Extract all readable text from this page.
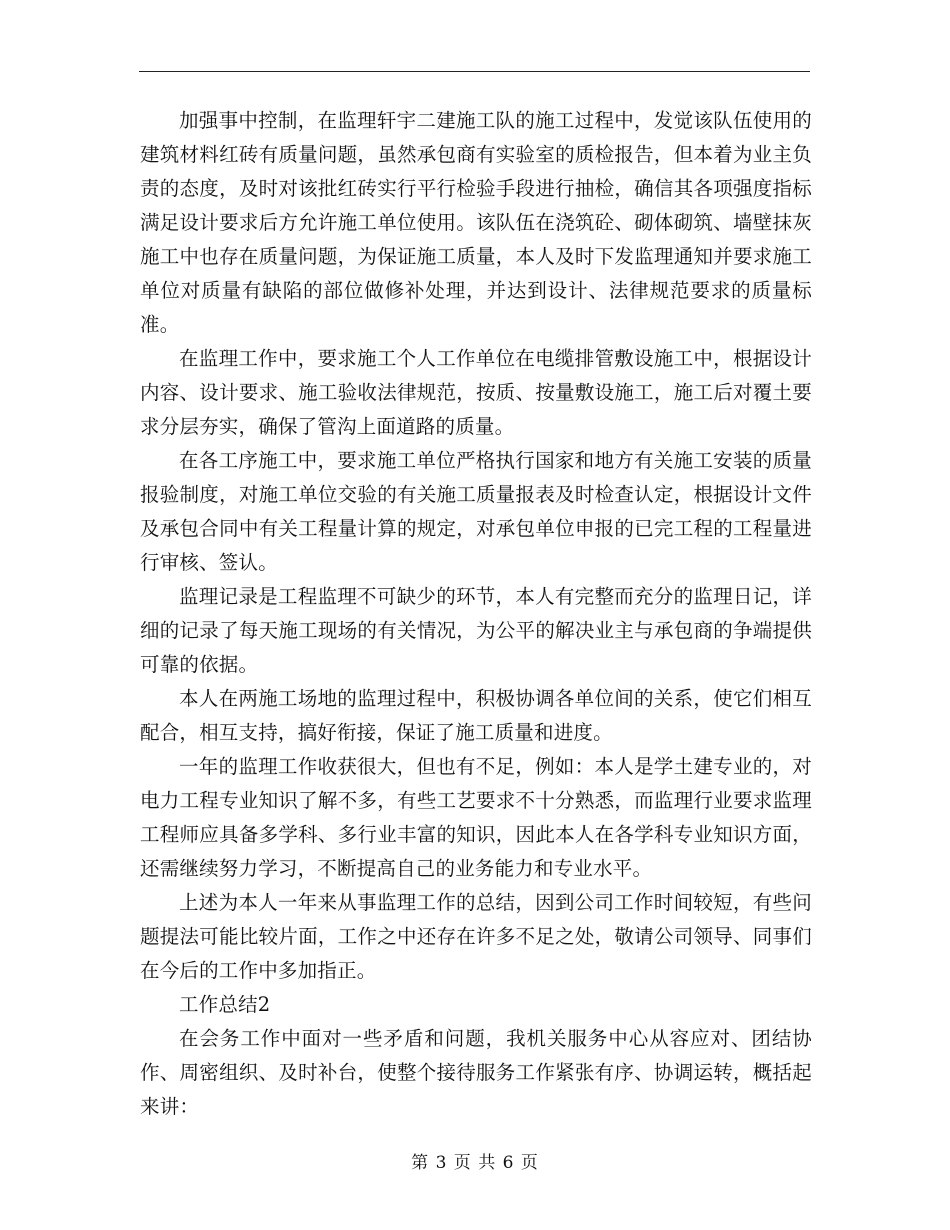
加强事中控制，在监理轩宇二建施工队的施工过程中，发觉该队伍使用的建筑材料红砖有质量问题，虽然承包商有实验室的质检报告，但本着为业主负责的态度，及时对该批红砖实行平行检验手段进行抽检，确信其各项强度指标满足设计要求后方允许施工单位使用。该队伍在浇筑砼、砌体砌筑、墙壁抹灰施工中也存在质量问题，为保证施工质量，本人及时下发监理通知并要求施工单位对质量有缺陷的部位做修补处理，并达到设计、法律规范要求的质量标准。

在监理工作中，要求施工个人工作单位在电缆排管敷设施工中，根据设计内容、设计要求、施工验收法律规范，按质、按量敷设施工，施工后对覆土要求分层夯实，确保了管沟上面道路的质量。

在各工序施工中，要求施工单位严格执行国家和地方有关施工安装的质量报验制度，对施工单位交验的有关施工质量报表及时检查认定，根据设计文件及承包合同中有关工程量计算的规定，对承包单位申报的已完工程的工程量进行审核、签认。

监理记录是工程监理不可缺少的环节，本人有完整而充分的监理日记，详细的记录了每天施工现场的有关情况，为公平的解决业主与承包商的争端提供可靠的依据。

本人在两施工场地的监理过程中，积极协调各单位间的关系，使它们相互配合，相互支持，搞好衔接，保证了施工质量和进度。

一年的监理工作收获很大，但也有不足，例如：本人是学土建专业的，对电力工程专业知识了解不多，有些工艺要求不十分熟悉，而监理行业要求监理工程师应具备多学科、多行业丰富的知识，因此本人在各学科专业知识方面，还需继续努力学习，不断提高自己的业务能力和专业水平。

上述为本人一年来从事监理工作的总结，因到公司工作时间较短，有些问题提法可能比较片面，工作之中还存在许多不足之处，敬请公司领导、同事们在今后的工作中多加指正。

工作总结2

在会务工作中面对一些矛盾和问题，我机关服务中心从容应对、团结协作、周密组织、及时补台，使整个接待服务工作紧张有序、协调运转，概括起来讲：

第 3 页 共 6 页
